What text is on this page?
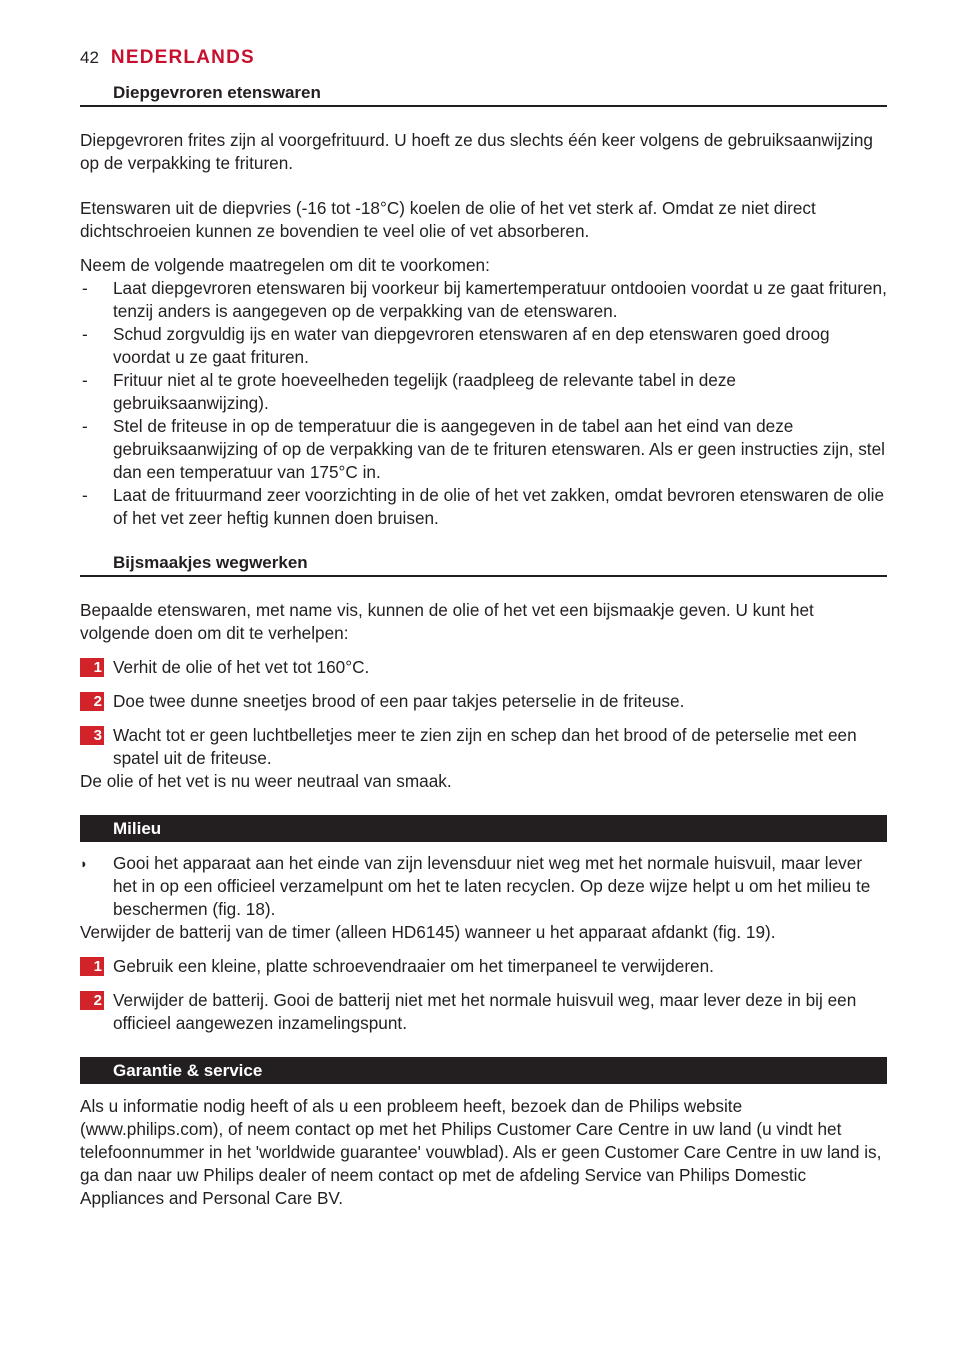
42 NEDERLANDS
Diepgevroren etenswaren

Diepgevroren frites zijn al voorgefrituurd. U hoeft ze dus slechts één keer volgens de gebruiksaanwijzing op de verpakking te frituren.

Etenswaren uit de diepvries (-16 tot -18°C) koelen de olie of het vet sterk af. Omdat ze niet direct dichtschroeien kunnen ze bovendien te veel olie of vet absorberen.

Neem de volgende maatregelen om dit te voorkomen:

- Laat diepgevroren etenswaren bij voorkeur bij kamertemperatuur ontdooien voordat u ze gaat frituren, tenzij anders is aangegeven op de verpakking van de etenswaren.
- Schud zorgvuldig ijs en water van diepgevroren etenswaren af en dep etenswaren goed droog voordat u ze gaat frituren.
- Frituur niet al te grote hoeveelheden tegelijk (raadpleeg de relevante tabel in deze gebruiksaanwijzing).
- Stel de friteuse in op de temperatuur die is aangegeven in de tabel aan het eind van deze gebruiksaanwijzing of op de verpakking van de te frituren etenswaren. Als er geen instructies zijn, stel dan een temperatuur van 175°C in.
- Laat de frituurmand zeer voorzichting in de olie of het vet zakken, omdat bevroren etenswaren de olie of het vet zeer heftig kunnen doen bruisen.
Bijsmaakjes wegwerken

Bepaalde etenswaren, met name vis, kunnen de olie of het vet een bijsmaakje geven. U kunt het volgende doen om dit te verhelpen:

1 Verhit de olie of het vet tot 160°C.
2 Doe twee dunne sneetjes brood of een paar takjes peterselie in de friteuse.
3 Wacht tot er geen luchtbelletjes meer te zien zijn en schep dan het brood of de peterselie met een spatel uit de friteuse.

De olie of het vet is nu weer neutraal van smaak.

Milieu
◗ Gooi het apparaat aan het einde van zijn levensduur niet weg met het normale huisvuil, maar lever het in op een officieel verzamelpunt om het te laten recyclen. Op deze wijze helpt u om het milieu te beschermen (fig. 18).

Verwijder de batterij van de timer (alleen HD6145) wanneer u het apparaat afdankt (fig. 19).

1 Gebruik een kleine, platte schroevendraaier om het timerpaneel te verwijderen.
2 Verwijder de batterij. Gooi de batterij niet met het normale huisvuil weg, maar lever deze in bij een officieel aangewezen inzamelingspunt.
Garantie & service

Als u informatie nodig heeft of als u een probleem heeft, bezoek dan de Philips website (www.philips.com), of neem contact op met het Philips Customer Care Centre in uw land (u vindt het telefoonnummer in het 'worldwide guarantee' vouwblad). Als er geen Customer Care Centre in uw land is, ga dan naar uw Philips dealer of neem contact op met de afdeling Service van Philips Domestic Appliances and Personal Care BV.
